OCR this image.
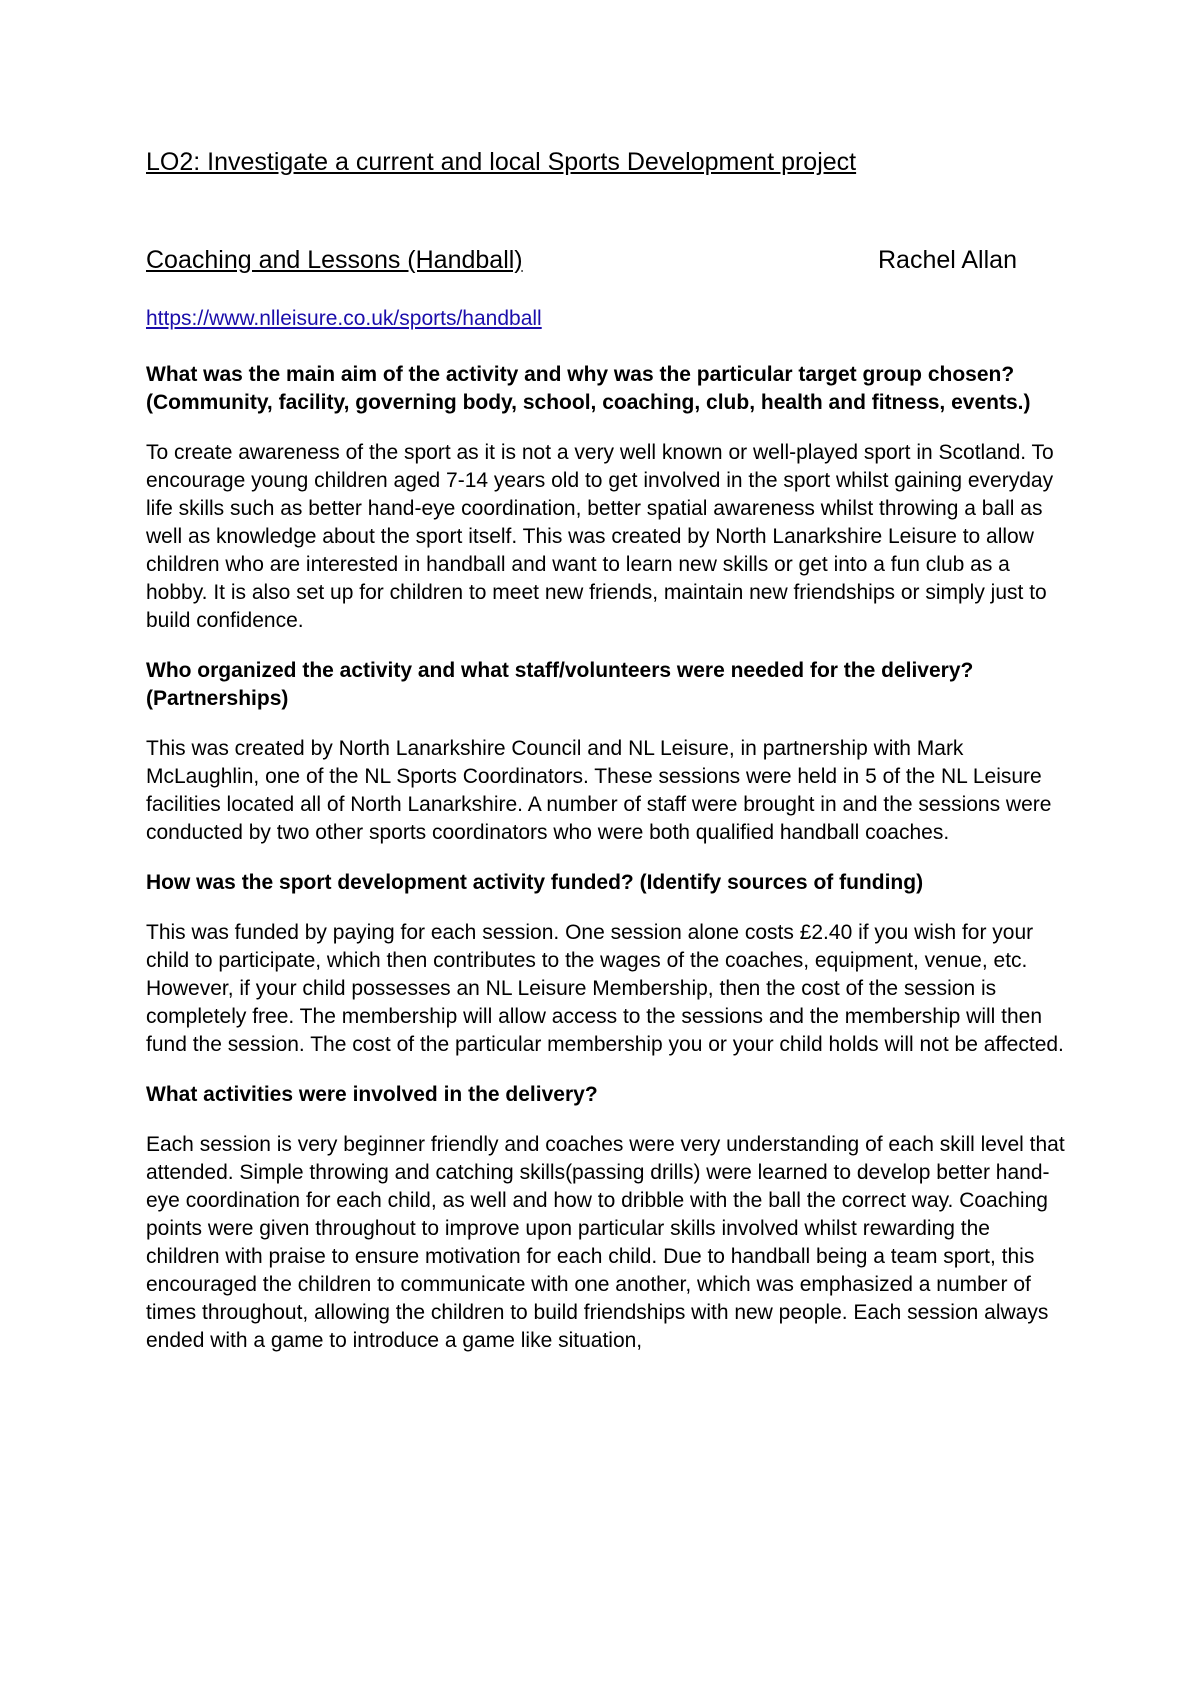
LO2: Investigate a current and local Sports Development project
Coaching and Lessons (Handball)	Rachel Allan
https://www.nlleisure.co.uk/sports/handball

What was the main aim of the activity and why was the particular target group chosen? (Community, facility, governing body, school, coaching, club, health and fitness, events.)

To create awareness of the sport as it is not a very well known or well-played sport in Scotland. To encourage young children aged 7-14 years old to get involved in the sport whilst gaining everyday life skills such as better hand-eye coordination, better spatial awareness whilst throwing a ball as well as knowledge about the sport itself. This was created by North Lanarkshire Leisure to allow children who are interested in handball and want to learn new skills or get into a fun club as a hobby. It is also set up for children to meet new friends, maintain new friendships or simply just to build confidence.

Who organized the activity and what staff/volunteers were needed for the delivery? (Partnerships)

This was created by North Lanarkshire Council and NL Leisure, in partnership with Mark McLaughlin, one of the NL Sports Coordinators. These sessions were held in 5 of the NL Leisure facilities located all of North Lanarkshire. A number of staff were brought in and the sessions were conducted by two other sports coordinators who were both qualified handball coaches.

How was the sport development activity funded? (Identify sources of funding)

This was funded by paying for each session. One session alone costs £2.40 if you wish for your child to participate, which then contributes to the wages of the coaches, equipment, venue, etc. However, if your child possesses an NL Leisure Membership, then the cost of the session is completely free. The membership will allow access to the sessions and the membership will then fund the session. The cost of the particular membership you or your child holds will not be affected.

What activities were involved in the delivery?

Each session is very beginner friendly and coaches were very understanding of each skill level that attended. Simple throwing and catching skills(passing drills) were learned to develop better hand-eye coordination for each child, as well and how to dribble with the ball the correct way. Coaching points were given throughout to improve upon particular skills involved whilst rewarding the children with praise to ensure motivation for each child. Due to handball being a team sport, this encouraged the children to communicate with one another, which was emphasized a number of times throughout, allowing the children to build friendships with new people. Each session always ended with a game to introduce a game like situation,
